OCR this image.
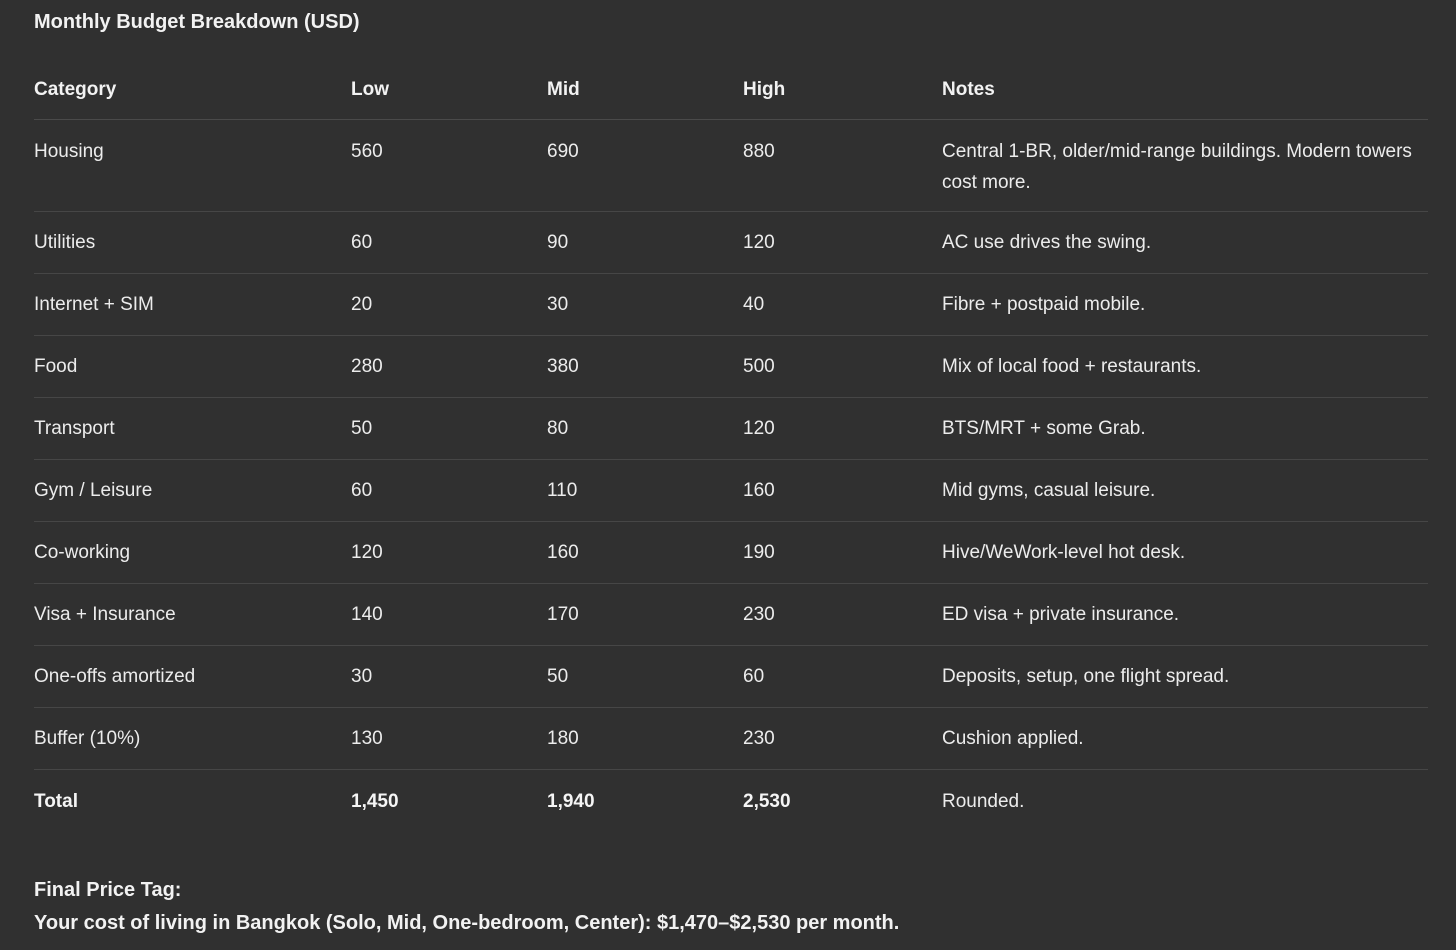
Monthly Budget Breakdown (USD)
Category	Low	Mid	High	Notes
Housing	560	690	880	Central 1-BR, older/mid-range buildings. Modern towers cost more.
Utilities	60	90	120	AC use drives the swing.
Internet + SIM	20	30	40	Fibre + postpaid mobile.
Food	280	380	500	Mix of local food + restaurants.
Transport	50	80	120	BTS/MRT + some Grab.
Gym / Leisure	60	110	160	Mid gyms, casual leisure.
Co-working	120	160	190	Hive/WeWork-level hot desk.
Visa + Insurance	140	170	230	ED visa + private insurance.
One-offs amortized	30	50	60	Deposits, setup, one flight spread.
Buffer (10%)	130	180	230	Cushion applied.
Total	1,450	1,940	2,530	Rounded.
Final Price Tag:
Your cost of living in Bangkok (Solo, Mid, One-bedroom, Center): $1,470–$2,530 per month.
